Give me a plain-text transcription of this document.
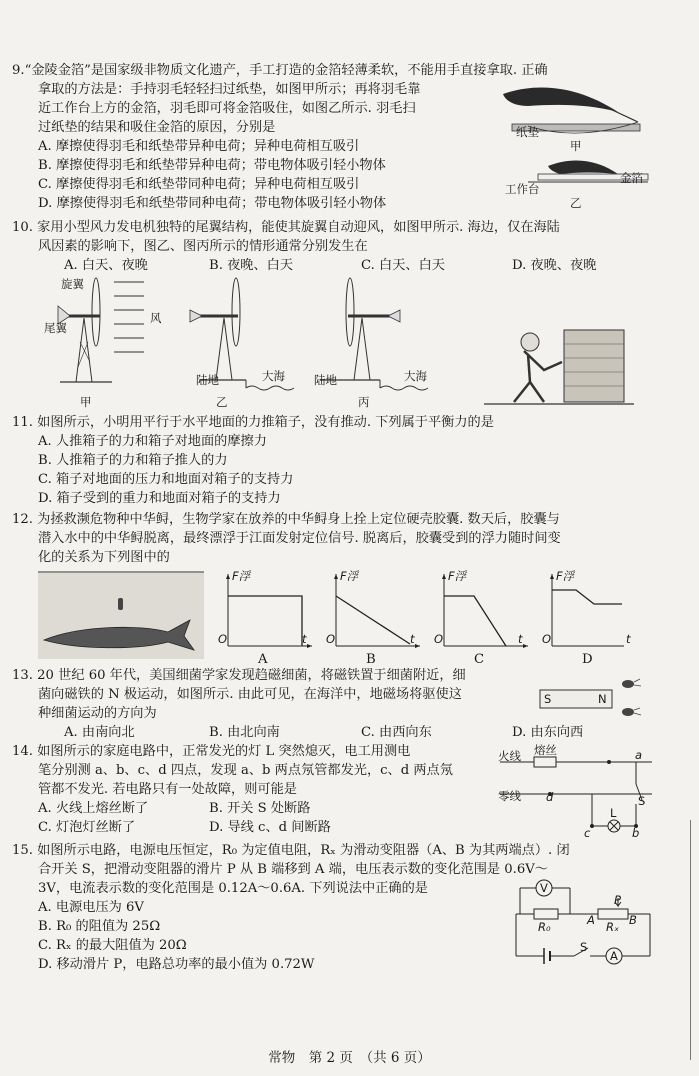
9.“金陵金箔”是国家级非物质文化遗产，手工打造的金箔轻薄柔软，不能用手直接拿取. 正确
拿取的方法是：手持羽毛轻轻扫过纸垫，如图甲所示；再将羽毛靠
近工作台上方的金箔，羽毛即可将金箔吸住，如图乙所示. 羽毛扫
过纸垫的结果和吸住金箔的原因，分别是
A. 摩擦使得羽毛和纸垫带异种电荷；异种电荷相互吸引
B. 摩擦使得羽毛和纸垫带异种电荷；带电物体吸引轻小物体
C. 摩擦使得羽毛和纸垫带同种电荷；异种电荷相互吸引
D. 摩擦使得羽毛和纸垫带同种电荷；带电物体吸引轻小物体
纸垫
甲
金箔
工作台
乙
10. 家用小型风力发电机独特的尾翼结构，能使其旋翼自动迎风，如图甲所示. 海边，仅在海陆
风因素的影响下，图乙、图丙所示的情形通常分别发生在
A. 白天、夜晚	B. 夜晚、白天	C. 白天、白天	D. 夜晚、夜晚
旋翼
尾翼
风
陆地	大海	陆地	大海
甲	乙	丙
11. 如图所示，小明用平行于水平地面的力推箱子，没有推动. 下列属于平衡力的是
A. 人推箱子的力和箱子对地面的摩擦力
B. 人推箱子的力和箱子推人的力
C. 箱子对地面的压力和地面对箱子的支持力
D. 箱子受到的重力和地面对箱子的支持力
12. 为拯救濒危物种中华鲟，生物学家在放养的中华鲟身上拴上定位硬壳胶囊. 数天后，胶囊与
潜入水中的中华鲟脱离，最终漂浮于江面发射定位信号. 脱离后，胶囊受到的浮力随时间变
化的关系为下列图中的
F浮	F浮	F浮	F浮
O	O	O	O
t	t	t	t
A	B	C	D
13. 20 世纪 60 年代，美国细菌学家发现趋磁细菌，将磁铁置于细菌附近，细
菌向磁铁的 N 极运动，如图所示. 由此可见，在海洋中，地磁场将驱使这
种细菌运动的方向为
A. 由南向北	B. 由北向南	C. 由西向东	D. 由东向西
S	N
14. 如图所示的家庭电路中，正常发光的灯 L 突然熄灭，电工用测电
笔分别测 a、b、c、d 四点，发现 a、b 两点氖管都发光，c、d 两点氖
管都不发光. 若电路只有一处故障，则可能是
A. 火线上熔丝断了	B. 开关 S 处断路
C. 灯泡灯丝断了	D. 导线 c、d 间断路
火线 熔丝
零线
a
d	S
L
c	b
15. 如图所示电路，电源电压恒定，R₀ 为定值电阻，Rₓ 为滑动变阻器（A、B 为其两端点）. 闭
合开关 S，把滑动变阻器的滑片 P 从 B 端移到 A 端，电压表示数的变化范围是 0.6V～
3V，电流表示数的变化范围是 0.12A～0.6A. 下列说法中正确的是
A. 电源电压为 6V
B. R₀ 的阻值为 25Ω
C. Rₓ 的最大阻值为 20Ω
D. 移动滑片 P，电路总功率的最小值为 0.72W
V
P
A	B
R₀	Rₓ
S
A
常物　第 2 页　（共 6 页）
